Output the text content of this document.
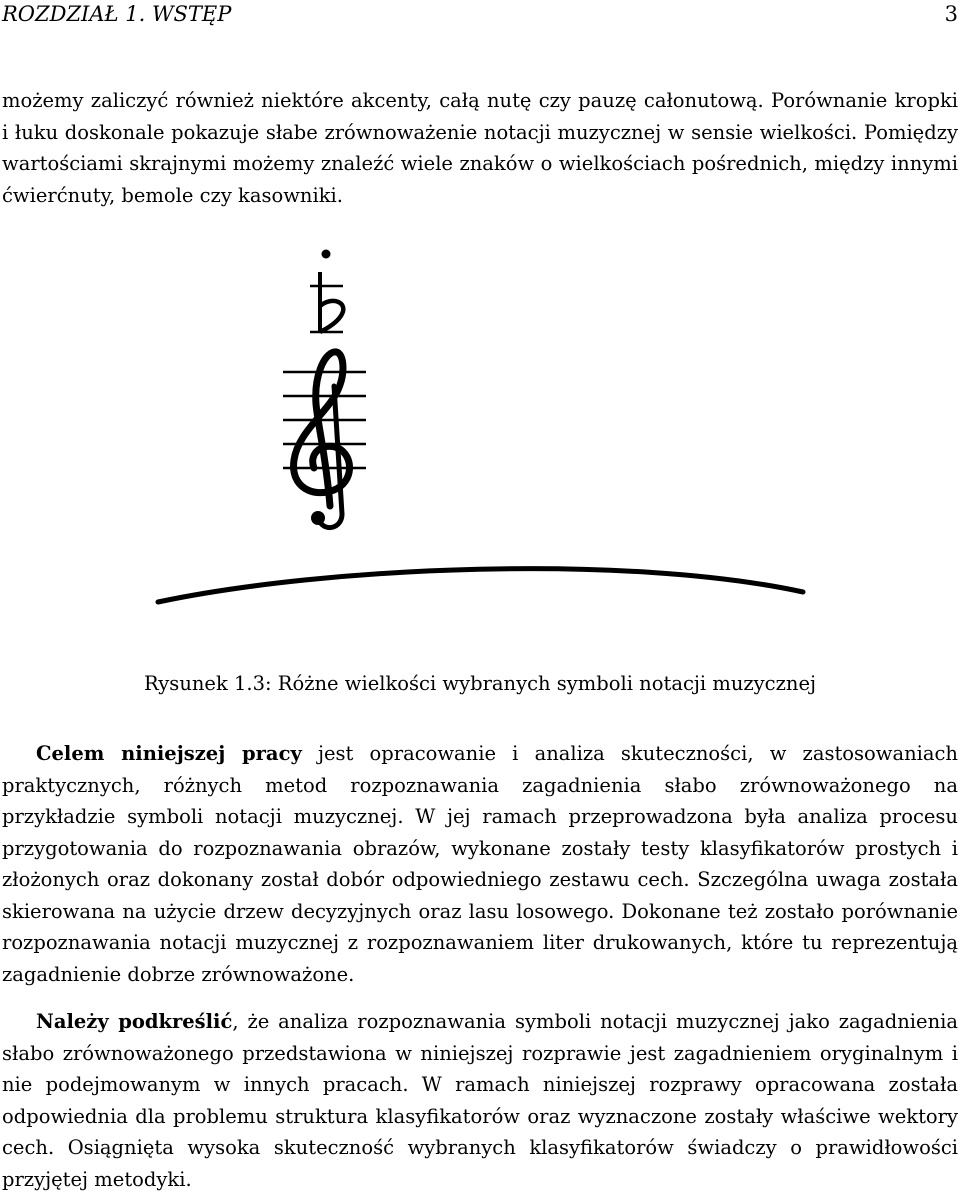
ROZDZIAŁ 1. WSTĘP	3

możemy zaliczyć również niektóre akcenty, całą nutę czy pauzę całonutową. Porównanie kropki i łuku doskonale pokazuje słabe zrównoważenie notacji muzycznej w sensie wielkości. Pomiędzy wartościami skrajnymi możemy znaleźć wiele znaków o wielkościach pośrednich, między innymi ćwierćnuty, bemole czy kasowniki.

Rysunek 1.3: Różne wielkości wybranych symboli notacji muzycznej

Celem niniejszej pracy jest opracowanie i analiza skuteczności, w zastosowaniach praktycznych, różnych metod rozpoznawania zagadnienia słabo zrównoważonego na przykładzie symboli notacji muzycznej. W jej ramach przeprowadzona była analiza procesu przygotowania do rozpoznawania obrazów, wykonane zostały testy klasyfikatorów prostych i złożonych oraz dokonany został dobór odpowiedniego zestawu cech. Szczególna uwaga została skierowana na użycie drzew decyzyjnych oraz lasu losowego. Dokonane też zostało porównanie rozpoznawania notacji muzycznej z rozpoznawaniem liter drukowanych, które tu reprezentują zagadnienie dobrze zrównoważone.

Należy podkreślić, że analiza rozpoznawania symboli notacji muzycznej jako zagadnienia słabo zrównoważonego przedstawiona w niniejszej rozprawie jest zagadnieniem oryginalnym i nie podejmowanym w innych pracach. W ramach niniejszej rozprawy opracowana została odpowiednia dla problemu struktura klasyfikatorów oraz wyznaczone zostały właściwe wektory cech. Osiągnięta wysoka skuteczność wybranych klasyfikatorów świadczy o prawidłowości przyjętej metodyki.
